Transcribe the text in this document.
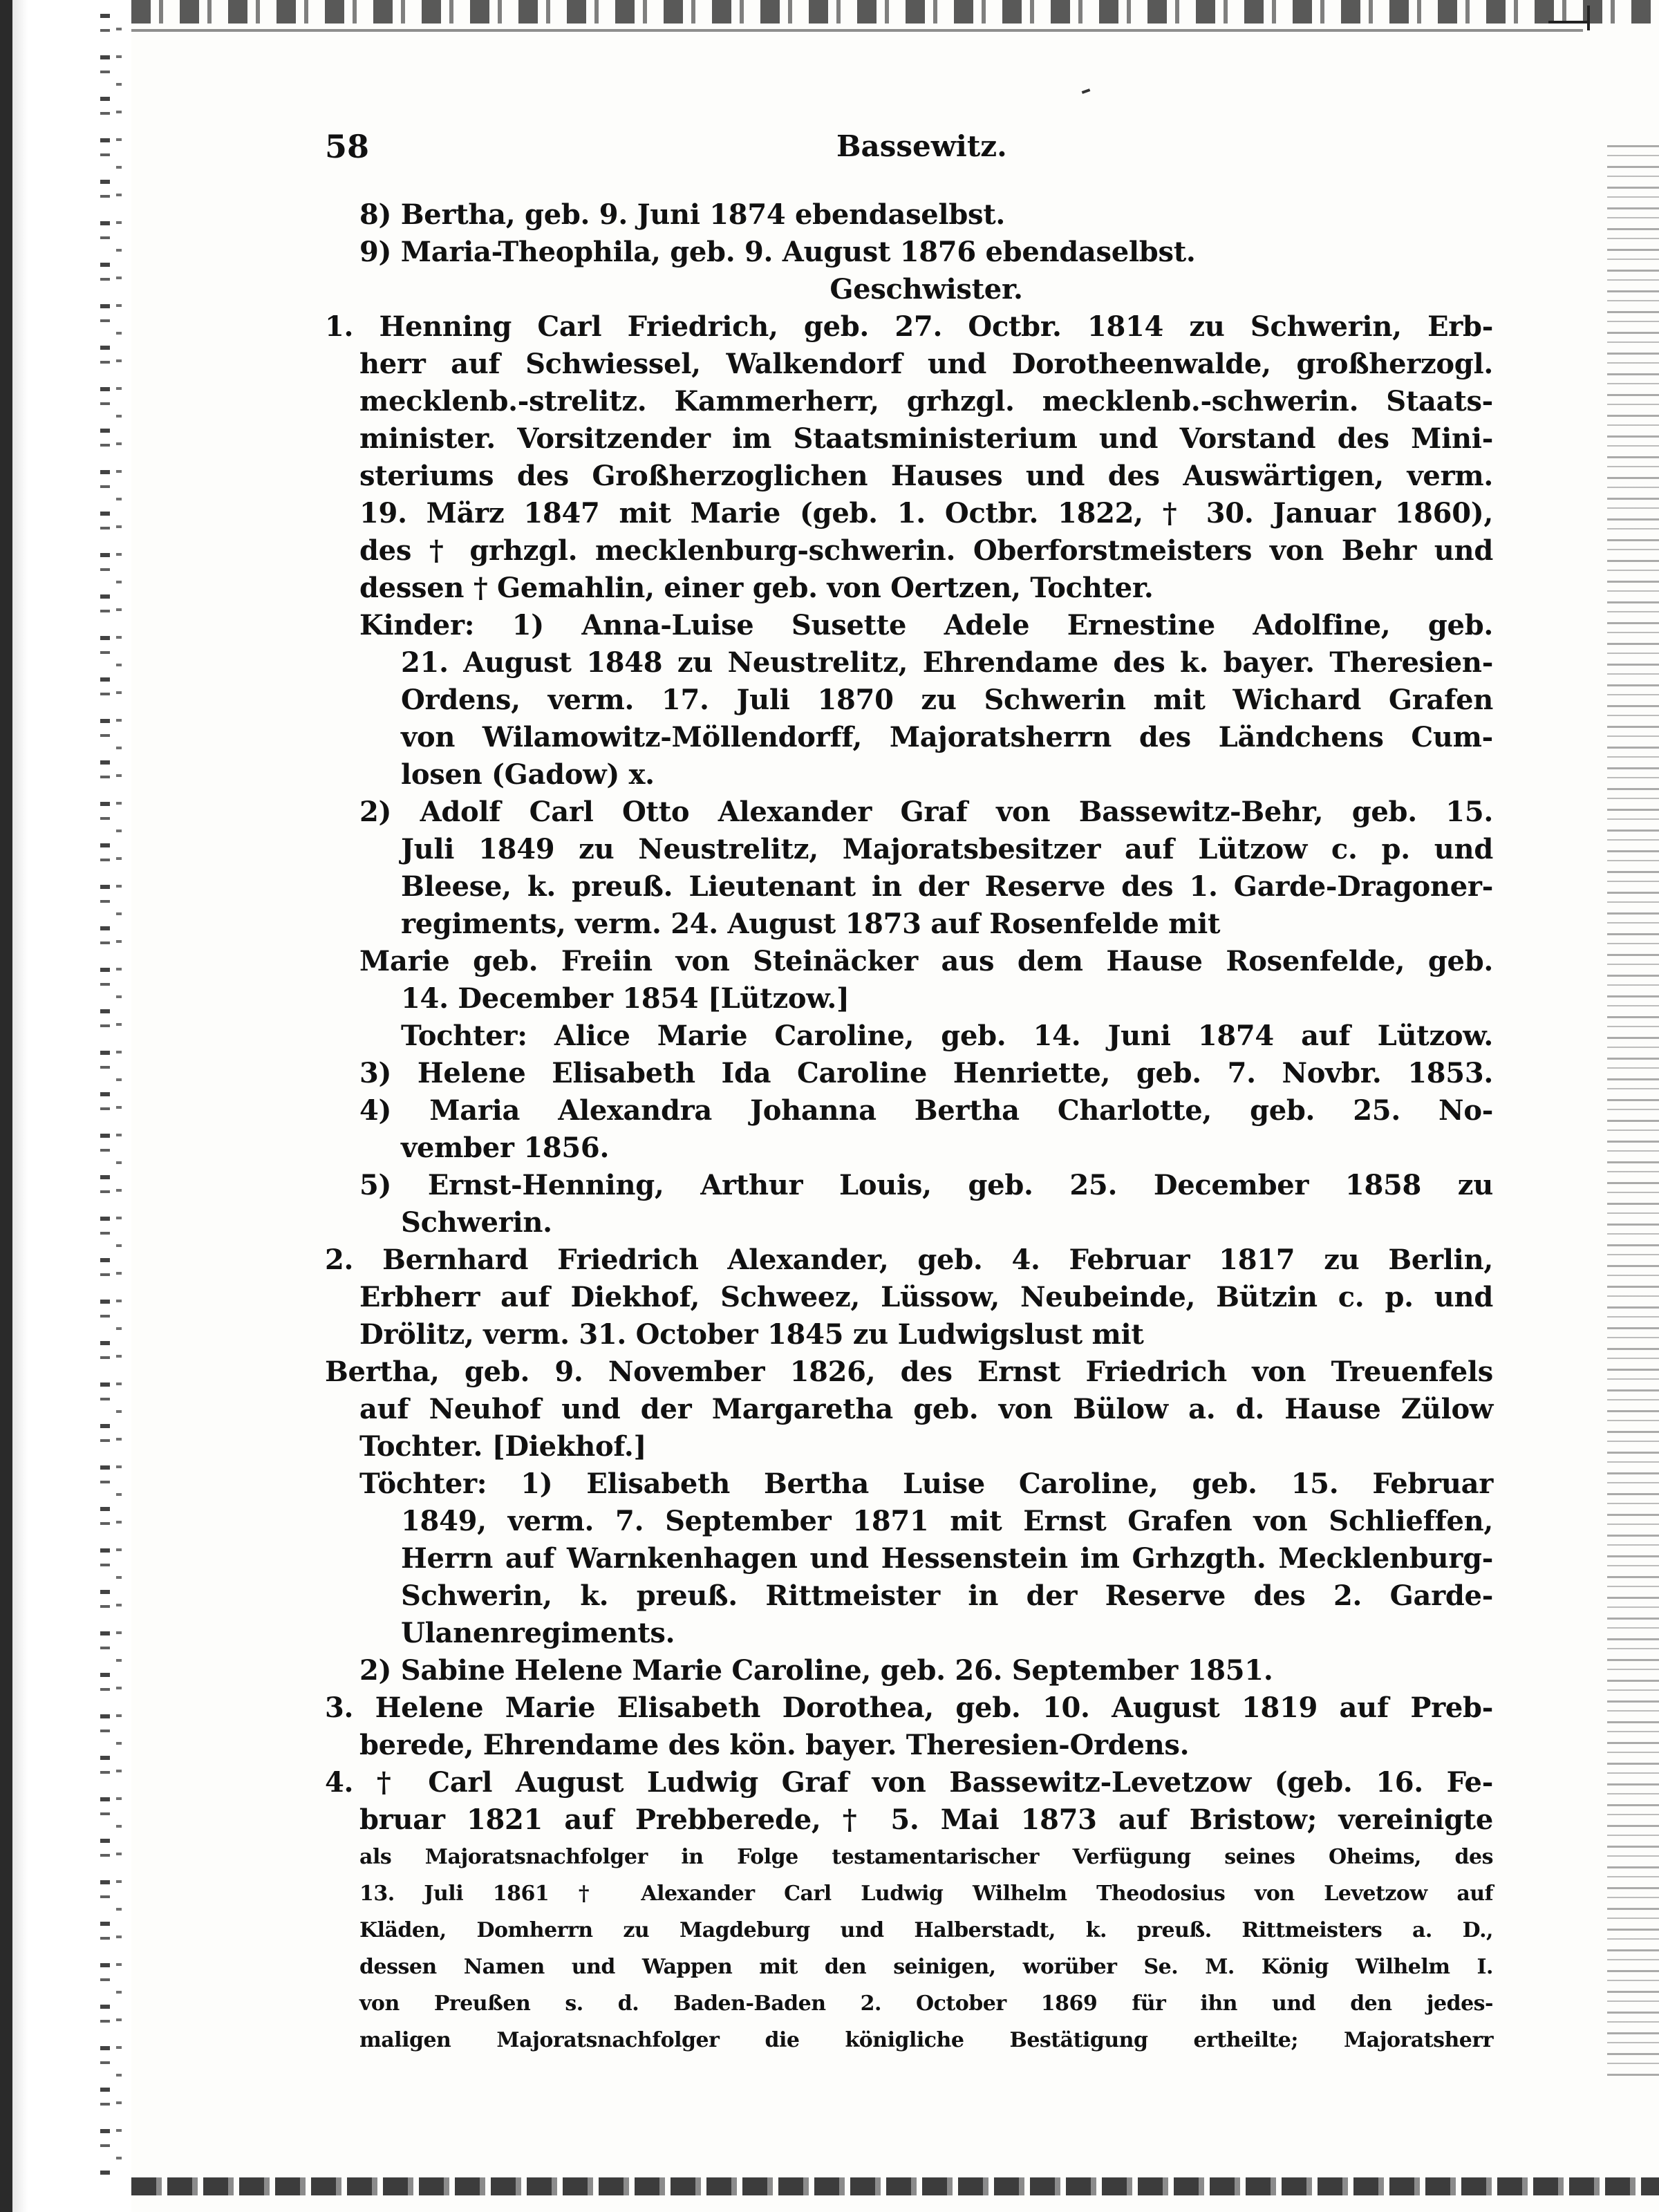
58	Bassewitz.
8) Bertha, geb. 9. Juni 1874 ebendaselbst.
9) Maria-Theophila, geb. 9. August 1876 ebendaselbst.
Geschwister.
1. Henning Carl Friedrich, geb. 27. Octbr. 1814 zu Schwerin, Erb-
herr auf Schwiessel, Walkendorf und Dorotheenwalde, großherzogl.
mecklenb.-strelitz. Kammerherr, grhzgl. mecklenb.-schwerin. Staats-
minister. Vorsitzender im Staatsministerium und Vorstand des Mini-
steriums des Großherzoglichen Hauses und des Auswärtigen, verm.
19. März 1847 mit Marie (geb. 1. Octbr. 1822, † 30. Januar 1860),
des † grhzgl. mecklenburg-schwerin. Oberforstmeisters von Behr und
dessen † Gemahlin, einer geb. von Oertzen, Tochter.
Kinder: 1) Anna-Luise Susette Adele Ernestine Adolfine, geb.
21. August 1848 zu Neustrelitz, Ehrendame des k. bayer. Theresien-
Ordens, verm. 17. Juli 1870 zu Schwerin mit Wichard Grafen
von Wilamowitz-Möllendorff, Majoratsherrn des Ländchens Cum-
losen (Gadow) x.
2) Adolf Carl Otto Alexander Graf von Bassewitz-Behr, geb. 15.
Juli 1849 zu Neustrelitz, Majoratsbesitzer auf Lützow c. p. und
Bleese, k. preuß. Lieutenant in der Reserve des 1. Garde-Dragoner-
regiments, verm. 24. August 1873 auf Rosenfelde mit
Marie geb. Freiin von Steinäcker aus dem Hause Rosenfelde, geb.
14. December 1854 [Lützow.]
Tochter: Alice Marie Caroline, geb. 14. Juni 1874 auf Lützow.
3) Helene Elisabeth Ida Caroline Henriette, geb. 7. Novbr. 1853.
4) Maria Alexandra Johanna Bertha Charlotte, geb. 25. No-
vember 1856.
5) Ernst-Henning, Arthur Louis, geb. 25. December 1858 zu
Schwerin.
2. Bernhard Friedrich Alexander, geb. 4. Februar 1817 zu Berlin,
Erbherr auf Diekhof, Schweez, Lüssow, Neubeinde, Bützin c. p. und
Drölitz, verm. 31. October 1845 zu Ludwigslust mit
Bertha, geb. 9. November 1826, des Ernst Friedrich von Treuenfels
auf Neuhof und der Margaretha geb. von Bülow a. d. Hause Zülow
Tochter. [Diekhof.]
Töchter: 1) Elisabeth Bertha Luise Caroline, geb. 15. Februar
1849, verm. 7. September 1871 mit Ernst Grafen von Schlieffen,
Herrn auf Warnkenhagen und Hessenstein im Grhzgth. Mecklenburg-
Schwerin, k. preuß. Rittmeister in der Reserve des 2. Garde-
Ulanenregiments.
2) Sabine Helene Marie Caroline, geb. 26. September 1851.
3. Helene Marie Elisabeth Dorothea, geb. 10. August 1819 auf Preb-
berede, Ehrendame des kön. bayer. Theresien-Ordens.
4. † Carl August Ludwig Graf von Bassewitz-Levetzow (geb. 16. Fe-
bruar 1821 auf Prebberede, † 5. Mai 1873 auf Bristow; vereinigte
als Majoratsnachfolger in Folge testamentarischer Verfügung seines Oheims, des
13. Juli 1861 † Alexander Carl Ludwig Wilhelm Theodosius von Levetzow auf
Kläden, Domherrn zu Magdeburg und Halberstadt, k. preuß. Rittmeisters a. D.,
dessen Namen und Wappen mit den seinigen, worüber Se. M. König Wilhelm I.
von Preußen s. d. Baden-Baden 2. October 1869 für ihn und den jedes-
maligen Majoratsnachfolger die königliche Bestätigung ertheilte; Majoratsherr
